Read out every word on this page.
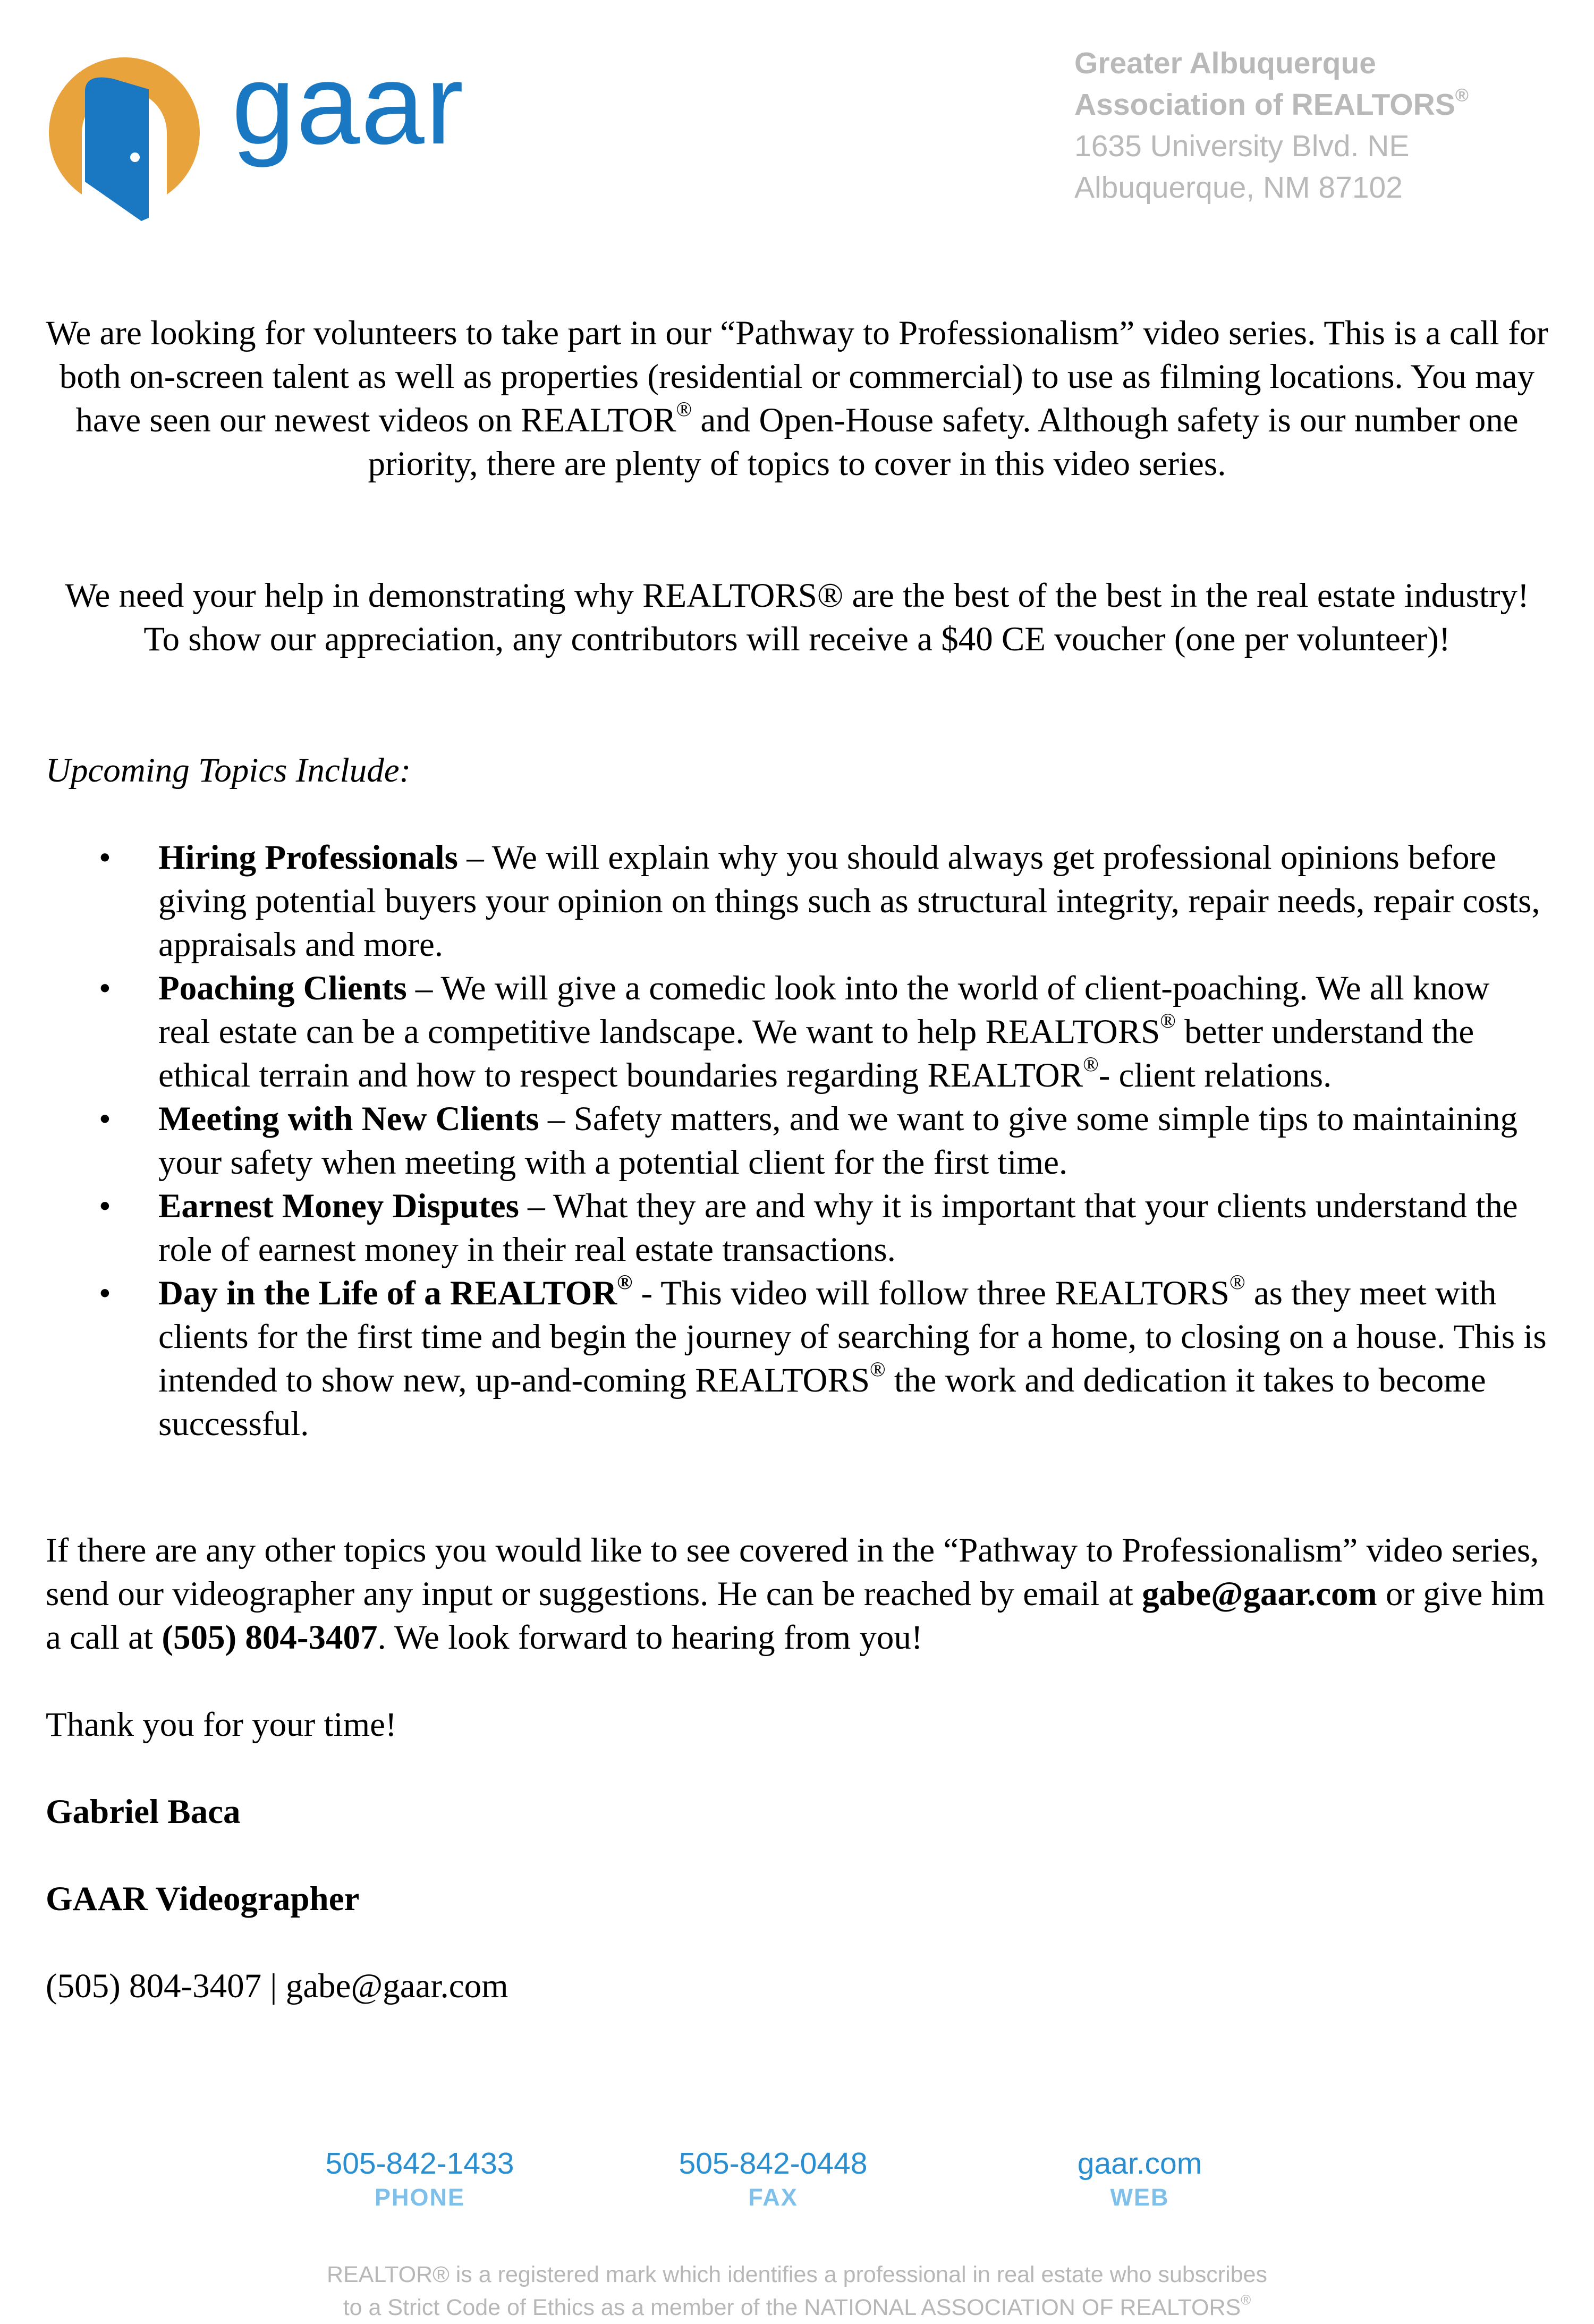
gaar	Greater Albuquerque
Association of REALTORS®
1635 University Blvd. NE
Albuquerque, NM 87102
We are looking for volunteers to take part in our “Pathway to Professionalism” video series. This is a call for both on-screen talent as well as properties (residential or commercial) to use as filming locations. You may have seen our newest videos on REALTOR® and Open-House safety. Although safety is our number one priority, there are plenty of topics to cover in this video series.
We need your help in demonstrating why REALTORS® are the best of the best in the real estate industry! To show our appreciation, any contributors will receive a $40 CE voucher (one per volunteer)!
Upcoming Topics Include:
• Hiring Professionals – We will explain why you should always get professional opinions before giving potential buyers your opinion on things such as structural integrity, repair needs, repair costs, appraisals and more.
• Poaching Clients – We will give a comedic look into the world of client-poaching. We all know real estate can be a competitive landscape. We want to help REALTORS® better understand the ethical terrain and how to respect boundaries regarding REALTOR®- client relations.
• Meeting with New Clients – Safety matters, and we want to give some simple tips to maintaining your safety when meeting with a potential client for the first time.
• Earnest Money Disputes – What they are and why it is important that your clients understand the role of earnest money in their real estate transactions.
• Day in the Life of a REALTOR® - This video will follow three REALTORS® as they meet with clients for the first time and begin the journey of searching for a home, to closing on a house. This is intended to show new, up-and-coming REALTORS® the work and dedication it takes to become successful.
If there are any other topics you would like to see covered in the “Pathway to Professionalism” video series, send our videographer any input or suggestions. He can be reached by email at gabe@gaar.com or give him a call at (505) 804-3407. We look forward to hearing from you!
Thank you for your time!
Gabriel Baca
GAAR Videographer
(505) 804-3407 | gabe@gaar.com
505-842-1433
PHONE
505-842-0448
FAX
gaar.com
WEB
REALTOR® is a registered mark which identifies a professional in real estate who subscribes
to a Strict Code of Ethics as a member of the NATIONAL ASSOCIATION OF REALTORS®
